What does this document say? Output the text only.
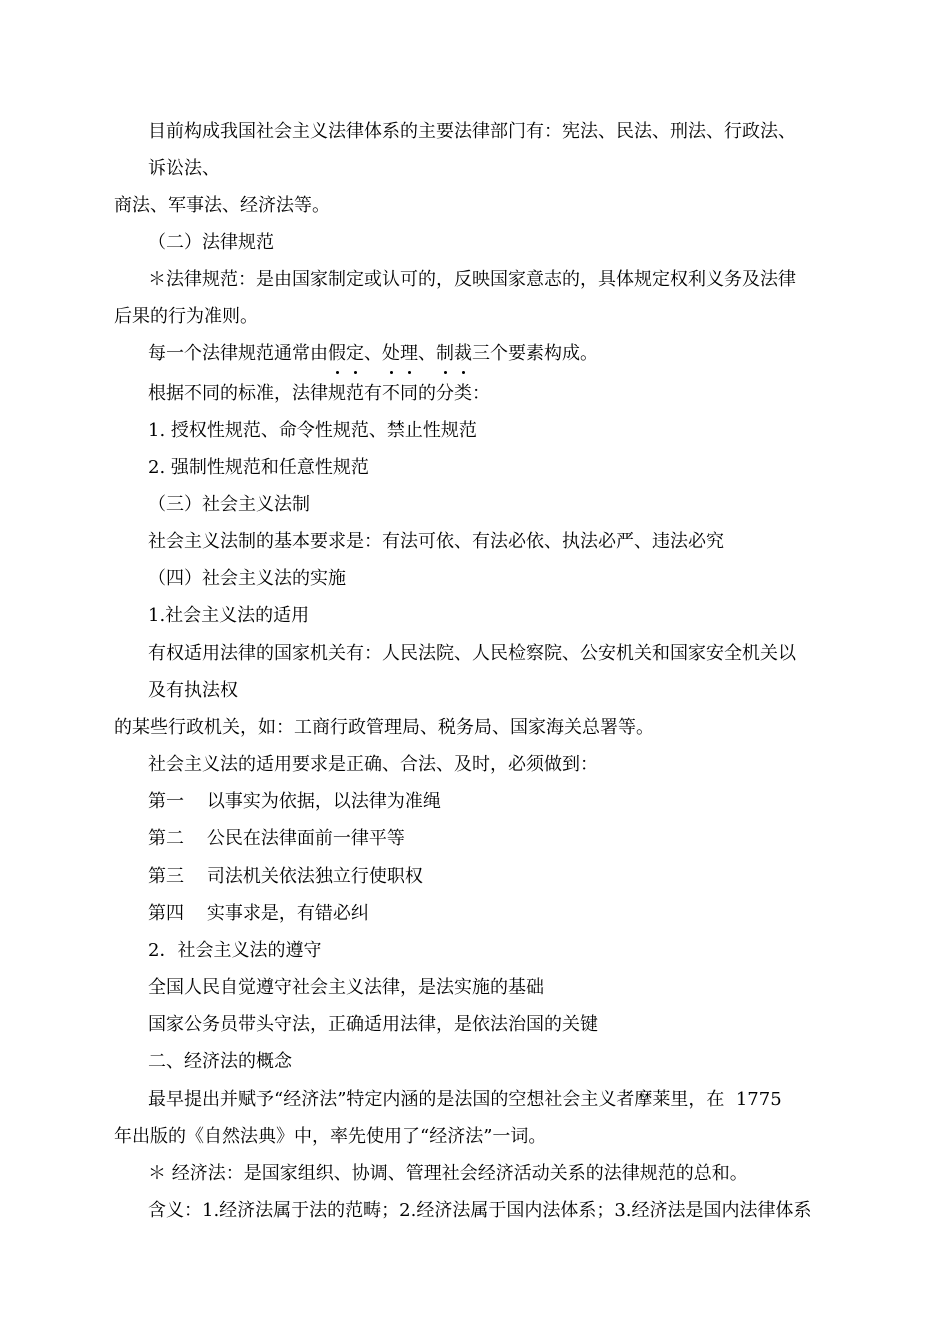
目前构成我国社会主义法律体系的主要法律部门有：宪法、民法、刑法、行政法、

诉讼法、

商法、军事法、经济法等。

（二）法律规范

＊法律规范：是由国家制定或认可的，反映国家意志的，具体规定权利义务及法律

后果的行为准则。

每一个法律规范通常由假定、处理、制裁三个要素构成。

根据不同的标准，法律规范有不同的分类：

1. 授权性规范、命令性规范、禁止性规范

2. 强制性规范和任意性规范

（三）社会主义法制

社会主义法制的基本要求是：有法可依、有法必依、执法必严、违法必究

（四）社会主义法的实施

1.社会主义法的适用

有权适用法律的国家机关有：人民法院、人民检察院、公安机关和国家安全机关以

及有执法权

的某些行政机关，如：工商行政管理局、税务局、国家海关总署等。

社会主义法的适用要求是正确、合法、及时，必须做到：

第一    以事实为依据，以法律为准绳

第二    公民在法律面前一律平等

第三    司法机关依法独立行使职权

第四    实事求是，有错必纠

2．社会主义法的遵守

全国人民自觉遵守社会主义法律，是法实施的基础

国家公务员带头守法，正确适用法律，是依法治国的关键

二、经济法的概念

最早提出并赋予“经济法”特定内涵的是法国的空想社会主义者摩莱里，在  1775

年出版的《自然法典》中，率先使用了“经济法”一词。

＊ 经济法：是国家组织、协调、管理社会经济活动关系的法律规范的总和。

含义：1.经济法属于法的范畴；2.经济法属于国内法体系；3.经济法是国内法律体系
